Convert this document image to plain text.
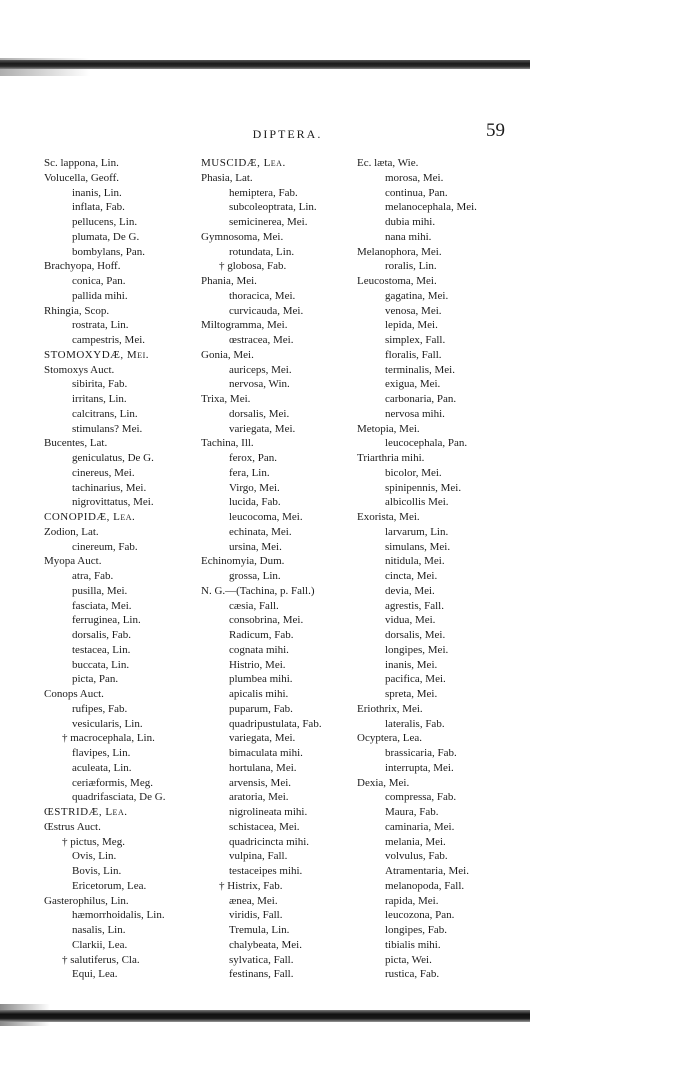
DIPTERA.	59
Sc. lapponа, Lin.
Volucella, Geoff.
inanis, Lin.
inflata, Fab.
pellucens, Lin.
plumata, De G.
bombylans, Pan.
Brachyopa, Hoff.
conica, Pan.
pallida mihi.
Rhingia, Scop.
rostrata, Lin.
campestris, Mei.
STOMOXYDÆ, Mei.
Stomoxys Auct.
sibirita, Fab.
irritans, Lin.
calcitrans, Lin.
stimulans? Mei.
Bucentes, Lat.
geniculatus, De G.
cinereus, Mei.
tachinarius, Mei.
nigrovittatus, Mei.
CONOPIDÆ, Lea.
Zodion, Lat.
cinereum, Fab.
Myopa Auct.
atra, Fab.
pusilla, Mei.
fasciata, Mei.
ferruginea, Lin.
dorsalis, Fab.
testacea, Lin.
buccata, Lin.
picta, Pan.
Conops Auct.
rufipes, Fab.
vesicularis, Lin.
† macrocephala, Lin.
flavipes, Lin.
aculeata, Lin.
ceriæformis, Meg.
quadrifasciata, De G.
ŒSTRIDÆ, Lea.
Œstrus Auct.
† pictus, Meg.
Ovis, Lin.
Bovis, Lin.
Ericetorum, Lea.
Gasterophilus, Lin.
hæmorrhoidalis, Lin.
nasalis, Lin.
Clarkii, Lea.
† salutiferus, Cla.
Equi, Lea.
MUSCIDÆ, Lea.
Phasia, Lat.
hemiptera, Fab.
subcoleoptrata, Lin.
semicinerea, Mei.
Gymnosoma, Mei.
rotundata, Lin.
† globosa, Fab.
Phania, Mei.
thoracica, Mei.
curvicauda, Mei.
Miltogramma, Mei.
œstracea, Mei.
Gonia, Mei.
auriceps, Mei.
nervosa, Win.
Trixa, Mei.
dorsalis, Mei.
variegata, Mei.
Tachina, Ill.
ferox, Pan.
fera, Lin.
Virgo, Mei.
lucida, Fab.
leucocoma, Mei.
echinata, Mei.
ursina, Mei.
Echinomyia, Dum.
grossa, Lin.
N. G.—(Tachina, p. Fall.)
cæsia, Fall.
consobrina, Mei.
Radicum, Fab.
cognata mihi.
Histrio, Mei.
plumbea mihi.
apicalis mihi.
puparum, Fab.
quadripustulata, Fab.
variegata, Mei.
bimaculata mihi.
hortulana, Mei.
arvensis, Mei.
aratoria, Mei.
nigrolineata mihi.
schistacea, Mei.
quadricincta mihi.
vulpina, Fall.
testaceipes mihi.
† Histrix, Fab.
ænea, Mei.
viridis, Fall.
Tremula, Lin.
chalybeata, Mei.
sylvatica, Fall.
festinans, Fall.
Ec. læta, Wie.
morosa, Mei.
continua, Pan.
melanocephala, Mei.
dubia mihi.
nana mihi.
Melanophora, Mei.
roralis, Lin.
Leucostoma, Mei.
gagatina, Mei.
venosa, Mei.
lepida, Mei.
simplex, Fall.
floralis, Fall.
terminalis, Mei.
exigua, Mei.
carbonaria, Pan.
nervosa mihi.
Metopia, Mei.
leucocephala, Pan.
Triarthria mihi.
bicolor, Mei.
spinipennis, Mei.
albicollis Mei.
Exorista, Mei.
larvarum, Lin.
simulans, Mei.
nitidula, Mei.
cincta, Mei.
devia, Mei.
agrestis, Fall.
vidua, Mei.
dorsalis, Mei.
longipes, Mei.
inanis, Mei.
pacifica, Mei.
spreta, Mei.
Eriothrix, Mei.
lateralis, Fab.
Ocyptera, Lea.
brassicaria, Fab.
interrupta, Mei.
Dexia, Mei.
compressa, Fab.
Maura, Fab.
caminaria, Mei.
melania, Mei.
volvulus, Fab.
Atramentaria, Mei.
melanopoda, Fall.
rapida, Mei.
leucozona, Pan.
longipes, Fab.
tibialis mihi.
picta, Wei.
rustica, Fab.
